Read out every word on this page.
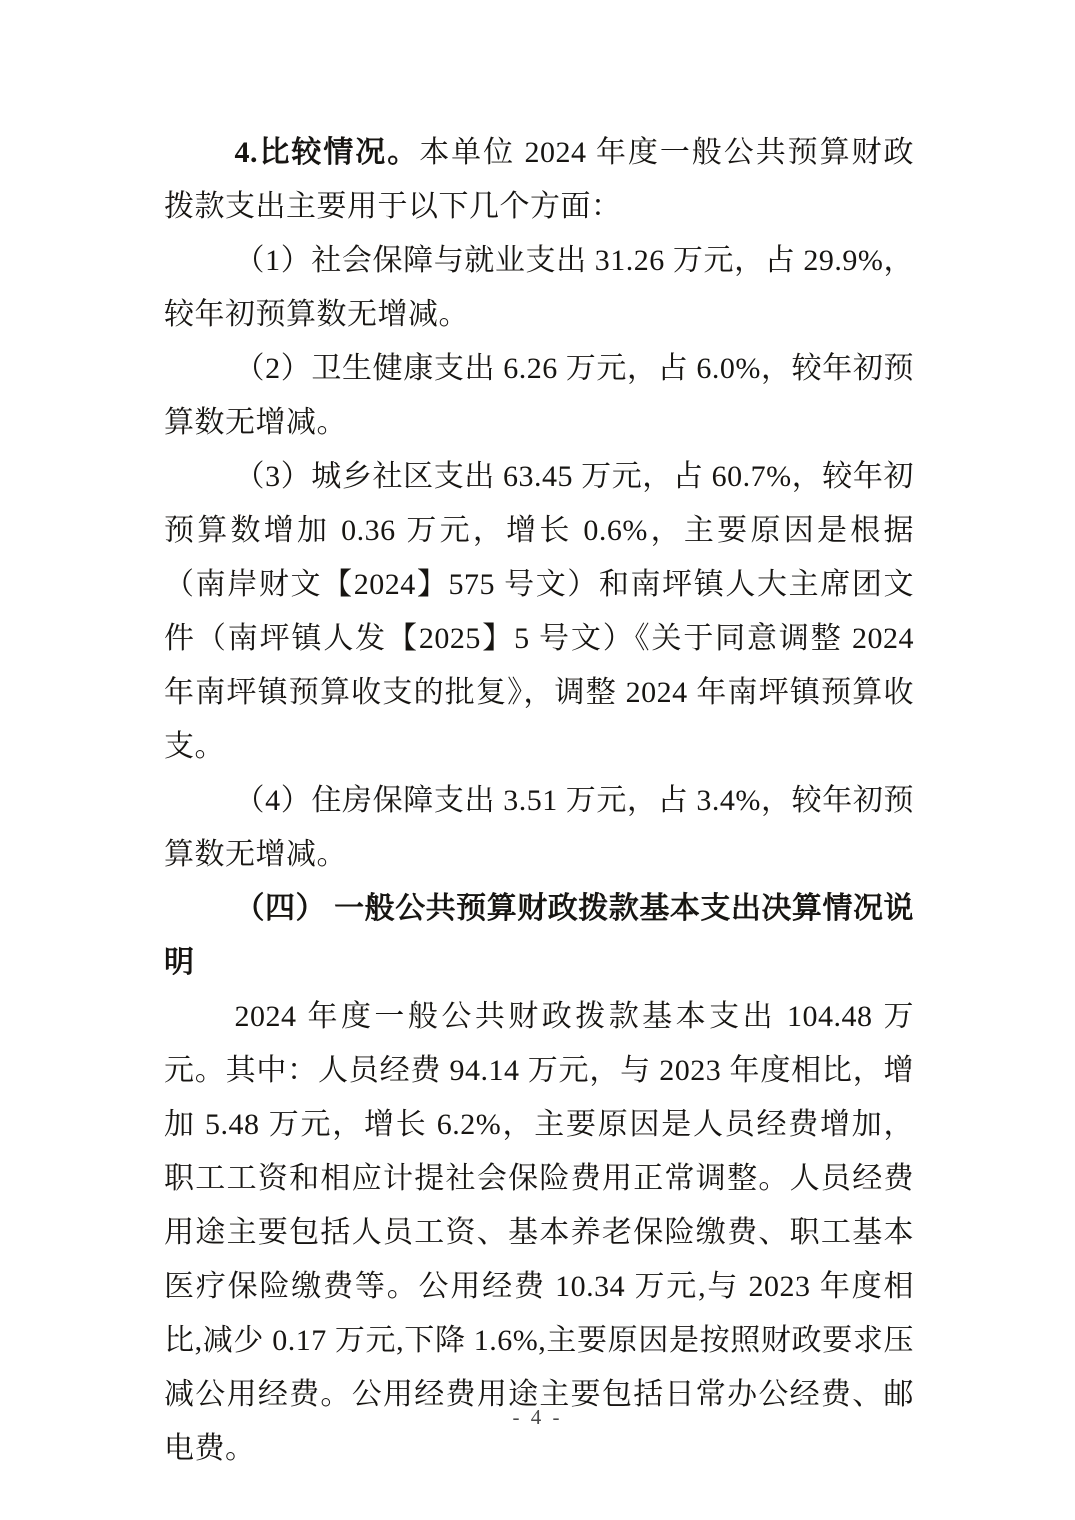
4.比较情况。本单位 2024 年度一般公共预算财政拨款支出主要用于以下几个方面：

（1）社会保障与就业支出 31.26 万元，占 29.9%，较年初预算数无增减。

（2）卫生健康支出 6.26 万元，占 6.0%，较年初预算数无增减。

（3）城乡社区支出 63.45 万元，占 60.7%，较年初预算数增加 0.36 万元，增长 0.6%，主要原因是根据（南岸财文【2024】575 号文）和南坪镇人大主席团文件（南坪镇人发【2025】5 号文）《关于同意调整 2024 年南坪镇预算收支的批复》，调整 2024 年南坪镇预算收支。

（4）住房保障支出 3.51 万元，占 3.4%，较年初预算数无增减。

（四） 一般公共预算财政拨款基本支出决算情况说明

2024 年度一般公共财政拨款基本支出 104.48 万元。其中：人员经费 94.14 万元，与 2023 年度相比，增加 5.48 万元，增长 6.2%，主要原因是人员经费增加，职工工资和相应计提社会保险费用正常调整。人员经费用途主要包括人员工资、基本养老保险缴费、职工基本医疗保险缴费等。公用经费 10.34 万元,与 2023 年度相比,减少 0.17 万元,下降 1.6%,主要原因是按照财政要求压减公用经费。公用经费用途主要包括日常办公经费、邮电费。

- 4 -
